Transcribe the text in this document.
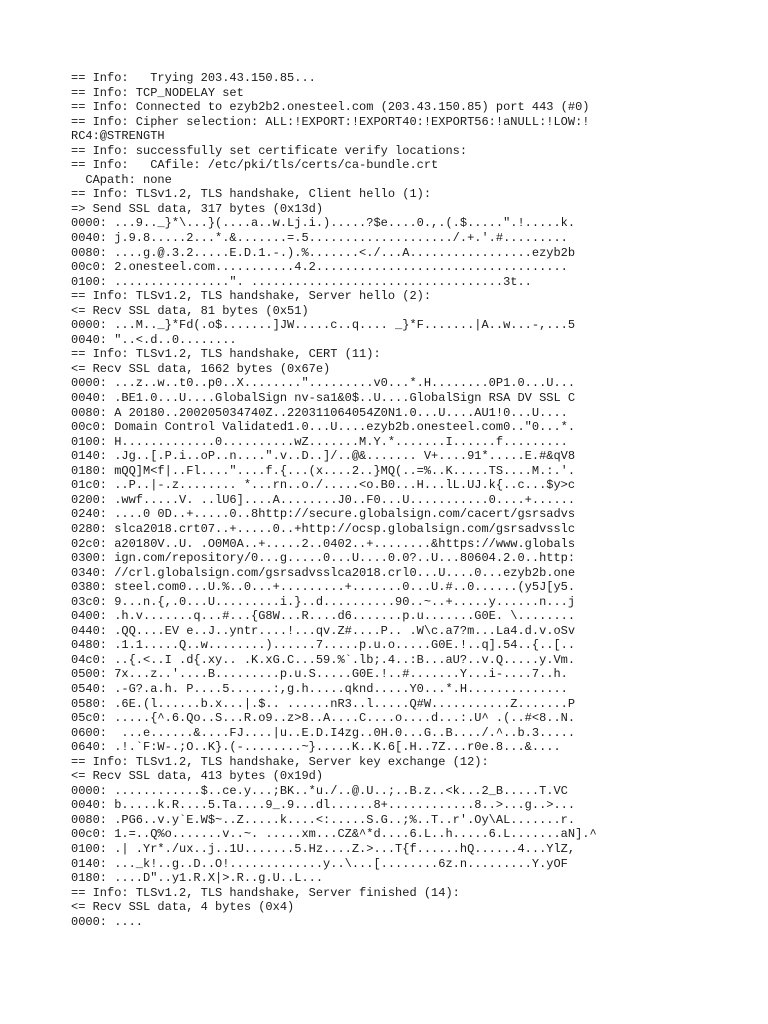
== Info:   Trying 203.43.150.85...
== Info: TCP_NODELAY set
== Info: Connected to ezyb2b2.onesteel.com (203.43.150.85) port 443 (#0)
== Info: Cipher selection: ALL:!EXPORT:!EXPORT40:!EXPORT56:!aNULL:!LOW:!
RC4:@STRENGTH
== Info: successfully set certificate verify locations:
== Info:   CAfile: /etc/pki/tls/certs/ca-bundle.crt
CApath: none
== Info: TLSv1.2, TLS handshake, Client hello (1):
=> Send SSL data, 317 bytes (0x13d)
0000: ...9.._}*\...}(....a..w.Lj.i.).....?$e....0.,.(.$.....".!.....k.
0040: j.9.8.....2...*.&.......=.5..................../.+.'.#.........
0080: ....g.@.3.2.....E.D.1.-.).%.......<./...A.................ezyb2b
00c0: 2.onesteel.com...........4.2...................................
0100: ................". ...................................3t..
== Info: TLSv1.2, TLS handshake, Server hello (2):
<= Recv SSL data, 81 bytes (0x51)
0000: ...M.._}*Fd(.o$.......]JW.....c..q.... _}*F.......|A..w...-,...5
0040: "..<.d..0........
== Info: TLSv1.2, TLS handshake, CERT (11):
<= Recv SSL data, 1662 bytes (0x67e)
0000: ...z..w..t0..p0..X........".........v0...*.H........0P1.0...U...
0040: .BE1.0...U....GlobalSign nv-sa1&0$..U....GlobalSign RSA DV SSL C
0080: A 20180..200205034740Z..220311064054Z0N1.0...U....AU1!0...U....
00c0: Domain Control Validated1.0...U....ezyb2b.onesteel.com0.."0...*.
0100: H.............0..........wZ.......M.Y.*.......I......f.........
0140: .Jg..[.P.i..oP..n....".v..D..]/..@&....... V+....91*.....E.#&qV8
0180: mQQ]M<f|..Fl...."....f.{...(x....2..}MQ(..=%..K.....TS....M.:.'.
01c0: ..P..|-.z........ *...rn..o./.....<o.B0...H...lL.UJ.k{..c...$y>c
0200: .wwf.....V. ..lU6]....A........J0..F0...U...........0....+......
0240: ....0 0D..+.....0..8http://secure.globalsign.com/cacert/gsrsadvs
0280: slca2018.crt07..+.....0..+http://ocsp.globalsign.com/gsrsadvsslc
02c0: a20180V..U. .O0M0A..+.....2..0402..+........&https://www.globals
0300: ign.com/repository/0...g.....0...U....0.0?..U...80604.2.0..http:
0340: //crl.globalsign.com/gsrsadvsslca2018.crl0...U....0...ezyb2b.one
0380: steel.com0...U.%..0...+.........+.......0...U.#..0......(y5J[y5.
03c0: 9...n.{,.0...U.........i.}..d..........90..~..+.....y......n...j
0400: .h.v.......q...#...{G8W...R....d6.......p.u.......G0E. \........
0440: .QQ....EV e..J..yntr....!...qv.Z#....P.. .W\c.a7?m...La4.d.v.oSv
0480: .1.1.....Q..w........)......7.....p.u.o.....G0E.!..q].54..{..[..
04c0: ..{.<..I .d{.xy.. .K.xG.C...59.%`.lb;.4..:B...aU?..v.Q.....y.Vm.
0500: 7x...z..'....B.........p.u.S.....G0E.!..#.......Y...i-....7..h.
0540: .-G?.a.h. P....5......:,g.h.....qknd.....Y0...*.H..............
0580: .6E.(l......b.x...|.$.. ......nR3..l.....Q#W...........Z.......P
05c0: .....{^.6.Qo..S...R.o9..z>8..A....C....o....d...:.U^ .(..#<8..N.
0600:  ...e......&....FJ....|u..E.D.I4zg..0H.0...G..B..../.^..b.3.....
0640: .!.`F:W-.;O..K}.(-........~}.....K..K.6[.H..7Z...r0e.8...&....
== Info: TLSv1.2, TLS handshake, Server key exchange (12):
<= Recv SSL data, 413 bytes (0x19d)
0000: ............$..ce.y...;BK..*u./..@.U..;..B.z..<k...2_B.....T.VC
0040: b.....k.R....5.Ta....9_.9...dl......8+............8..>...g..>...
0080: .PG6..v.y`E.W$~..Z.....k....<:.....S.G..;%..T..r'.Oy\AL.......r.
00c0: 1.=..Q%o.......v..~. .....xm...CZ&^*d....6.L..h.....6.L.......aN].^
0100: .| .Yr*./ux..j..1U.......5.Hz....Z.>...T{f......hQ......4...YlZ,
0140: ..._k!..g..D..O!.............y..\...[........6z.n.........Y.yOF
0180: ....D"..y1.R.X|>.R..g.U..L...
== Info: TLSv1.2, TLS handshake, Server finished (14):
<= Recv SSL data, 4 bytes (0x4)
0000: ....
